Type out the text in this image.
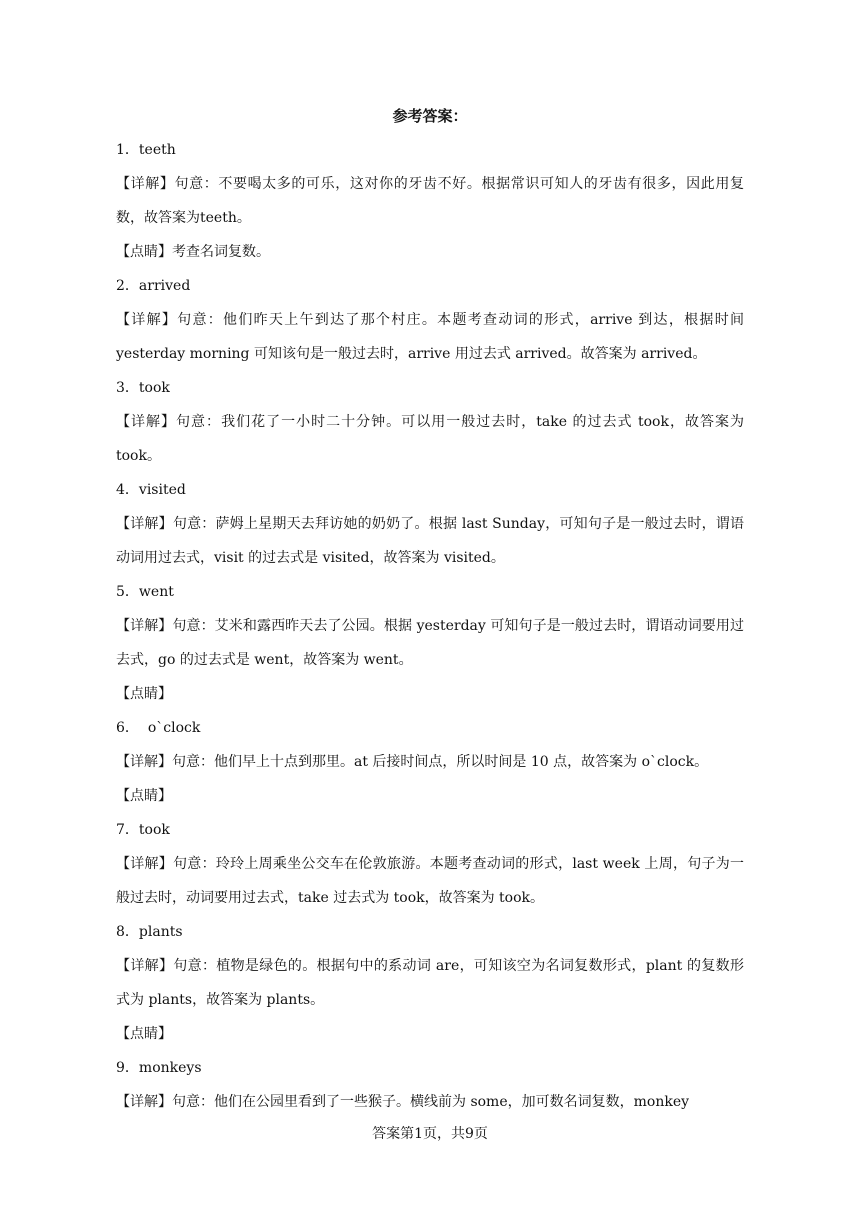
参考答案：
1．teeth
【详解】句意：不要喝太多的可乐，这对你的牙齿不好。根据常识可知人的牙齿有很多，因此用复数，故答案为teeth。
【点睛】考查名词复数。
2．arrived
【详解】句意：他们昨天上午到达了那个村庄。本题考查动词的形式，arrive 到达，根据时间 yesterday morning 可知该句是一般过去时，arrive 用过去式 arrived。故答案为 arrived。
3．took
【详解】句意：我们花了一小时二十分钟。可以用一般过去时，take 的过去式 took，故答案为 took。
4．visited
【详解】句意：萨姆上星期天去拜访她的奶奶了。根据 last Sunday，可知句子是一般过去时，谓语动词用过去式，visit 的过去式是 visited，故答案为 visited。
5．went
【详解】句意：艾米和露西昨天去了公园。根据 yesterday 可知句子是一般过去时，谓语动词要用过去式，go 的过去式是 went，故答案为 went。
【点睛】
6．  o`clock
【详解】句意：他们早上十点到那里。at 后接时间点，所以时间是 10 点，故答案为 o`clock。
【点睛】
7．took
【详解】句意：玲玲上周乘坐公交车在伦敦旅游。本题考查动词的形式，last week 上周，句子为一般过去时，动词要用过去式，take 过去式为 took，故答案为 took。
8．plants
【详解】句意：植物是绿色的。根据句中的系动词 are，可知该空为名词复数形式，plant 的复数形式为 plants，故答案为 plants。
【点睛】
9．monkeys
【详解】句意：他们在公园里看到了一些猴子。横线前为 some，加可数名词复数，monkey
答案第1页，共9页
